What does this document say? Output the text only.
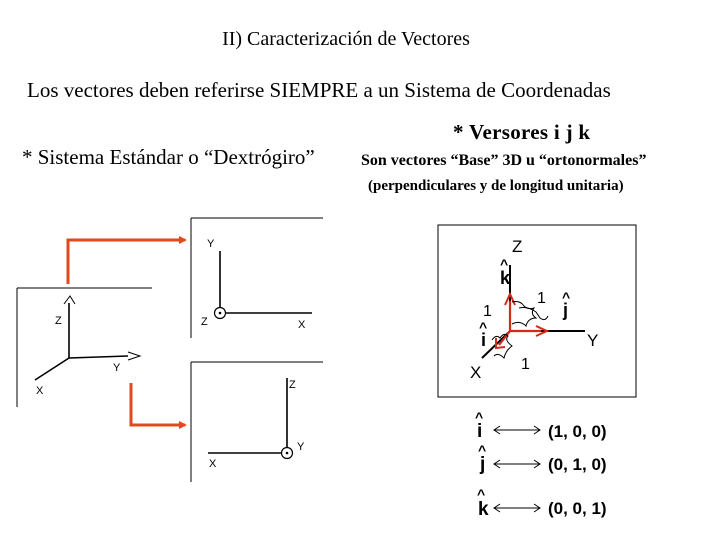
II) Caracterización de Vectores
Los vectores deben referirse SIEMPRE a un Sistema de Coordenadas
* Sistema Estándar o “Dextrógiro”
* Versores i j k
Son vectores “Base” 3D u “ortonormales”
(perpendiculares y de longitud unitaria)
Z
Y
X
Y
Z	X
Z
Y
X
Z
Y
X
k
^
j
^
i
^
1
1
1
^
i	(1, 0, 0)
^
j	(0, 1, 0)
^
k	(0, 0, 1)
